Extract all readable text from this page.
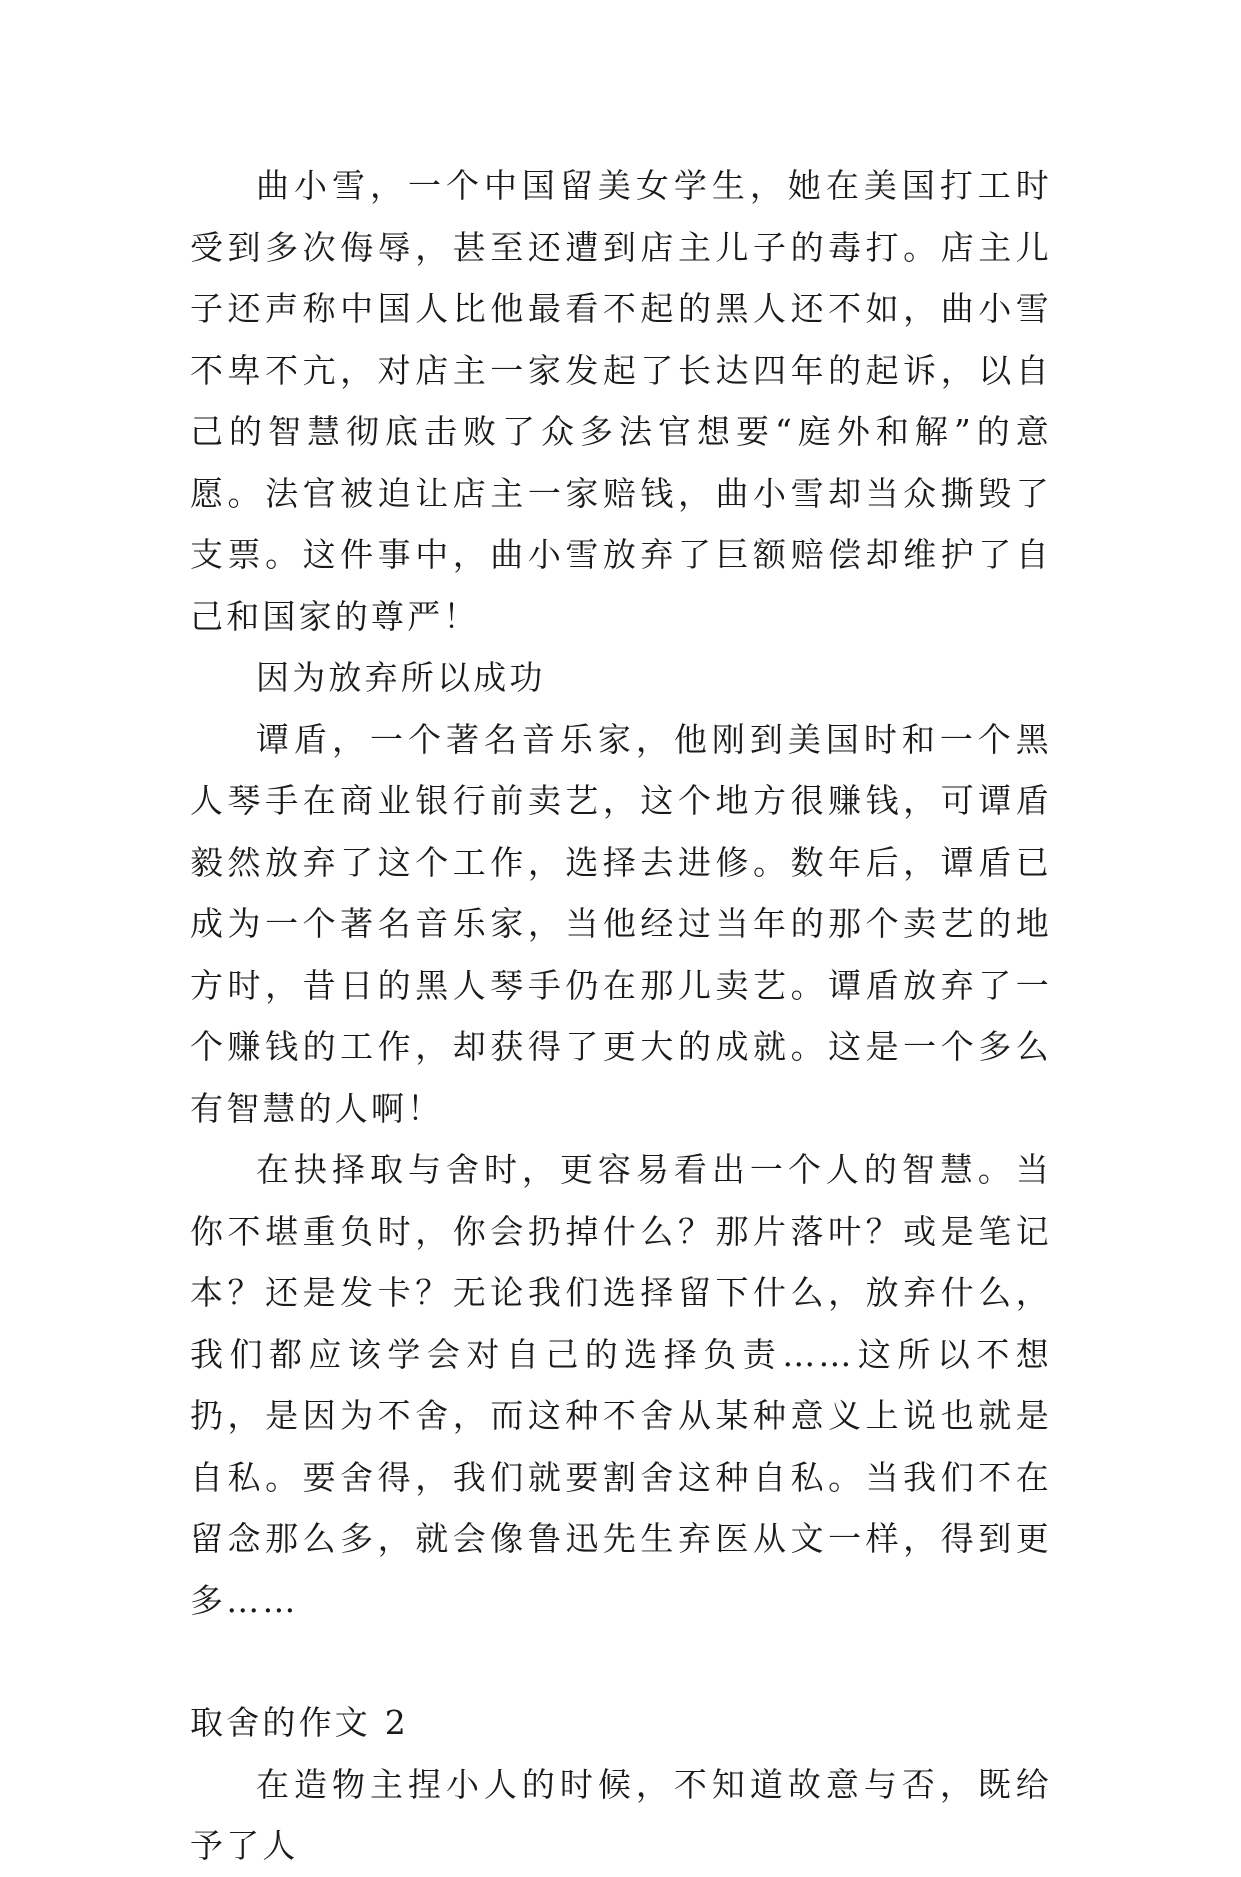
曲小雪，一个中国留美女学生，她在美国打工时受到多次侮辱，甚至还遭到店主儿子的毒打。店主儿子还声称中国人比他最看不起的黑人还不如，曲小雪不卑不亢，对店主一家发起了长达四年的起诉，以自己的智慧彻底击败了众多法官想要“庭外和解”的意愿。法官被迫让店主一家赔钱，曲小雪却当众撕毁了支票。这件事中，曲小雪放弃了巨额赔偿却维护了自己和国家的尊严！

因为放弃所以成功

谭盾，一个著名音乐家，他刚到美国时和一个黑人琴手在商业银行前卖艺，这个地方很赚钱，可谭盾毅然放弃了这个工作，选择去进修。数年后，谭盾已成为一个著名音乐家，当他经过当年的那个卖艺的地方时，昔日的黑人琴手仍在那儿卖艺。谭盾放弃了一个赚钱的工作，却获得了更大的成就。这是一个多么有智慧的人啊！

在抉择取与舍时，更容易看出一个人的智慧。当你不堪重负时，你会扔掉什么？那片落叶？或是笔记本？还是发卡？无论我们选择留下什么，放弃什么，我们都应该学会对自己的选择负责……这所以不想扔，是因为不舍，而这种不舍从某种意义上说也就是自私。要舍得，我们就要割舍这种自私。当我们不在留念那么多，就会像鲁迅先生弃医从文一样，得到更多……

取舍的作文 2

在造物主捏小人的时候，不知道故意与否，既给予了人
